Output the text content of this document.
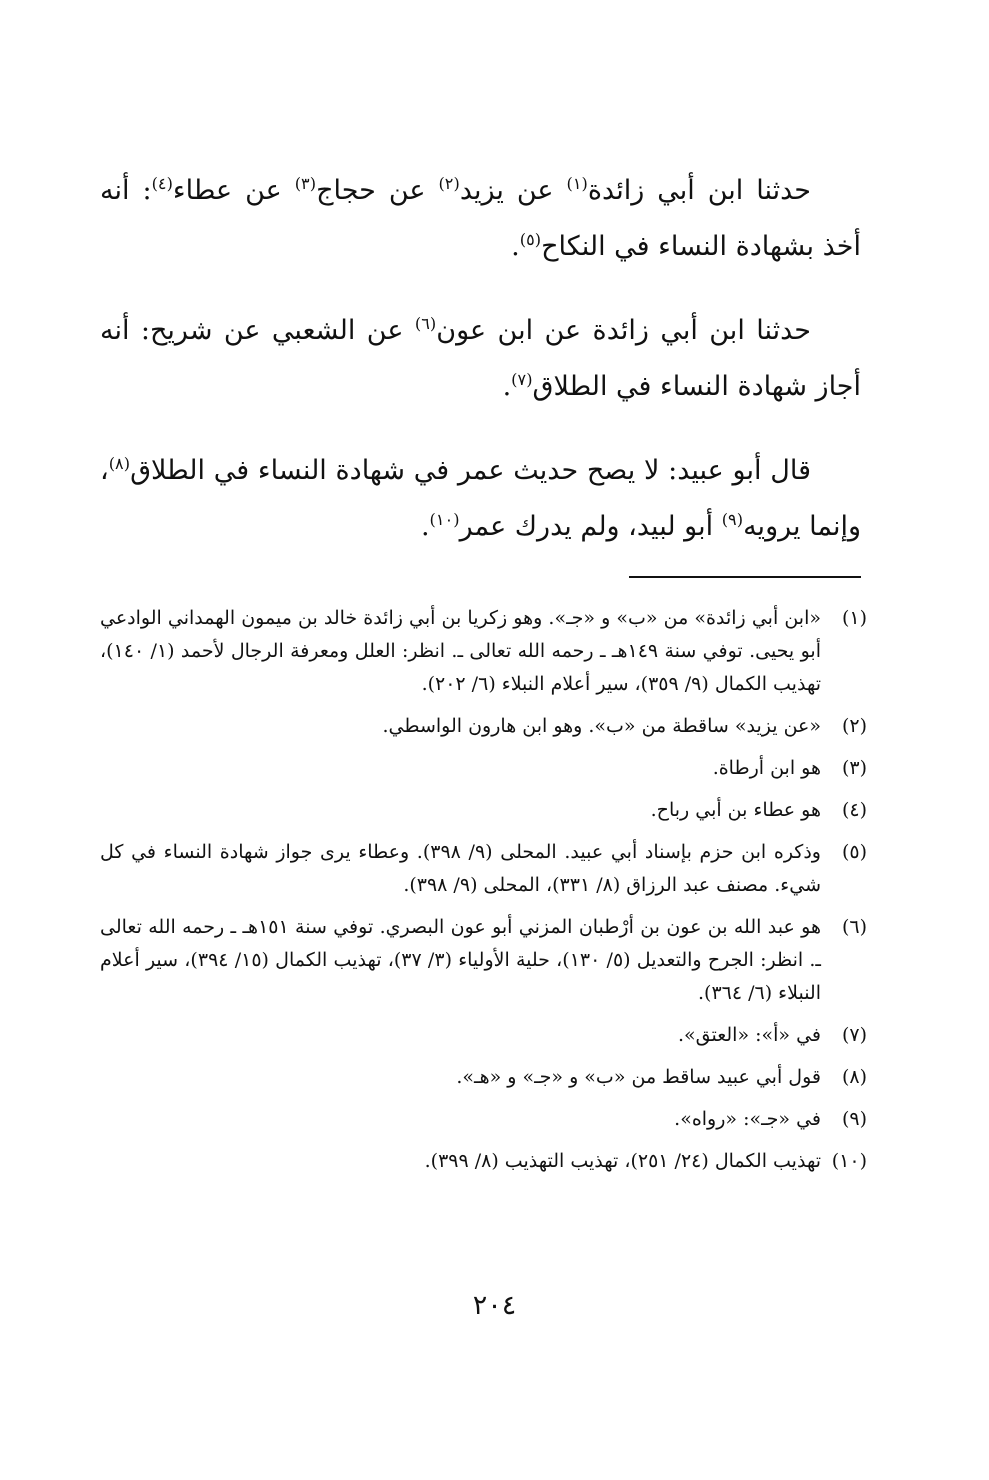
حدثنا ابن أبي زائدة$^{(١)}$ عن يزيد$^{(٢)}$ عن حجاج$^{(٣)}$ عن عطاء$^{(٤)}$: أنه أخذ بشهادة النساء في النكاح$^{(٥)}$.

حدثنا ابن أبي زائدة عن ابن عون$^{(٦)}$ عن الشعبي عن شريح: أنه أجاز شهادة النساء في الطلاق$^{(٧)}$.

قال أبو عبيد: لا يصح حديث عمر في شهادة النساء في الطلاق$^{(٨)}$، وإنما يرويه$^{(٩)}$ أبو لبيد، ولم يدرك عمر$^{(١٠)}$.

(١)
«ابن أبي زائدة» من «ب» و «جـ». وهو زكريا بن أبي زائدة خالد بن ميمون الهمداني الوادعي أبو يحيى. توفي سنة ١٤٩هـ ـ رحمه الله تعالى ـ. انظر: العلل ومعرفة الرجال لأحمد (١/ ١٤٠)، تهذيب الكمال (٩/ ٣٥٩)، سير أعلام النبلاء (٦/ ٢٠٢).
(٢)
«عن يزيد» ساقطة من «ب». وهو ابن هارون الواسطي.
(٣)
هو ابن أرطاة.
(٤)
هو عطاء بن أبي رباح.
(٥)
وذكره ابن حزم بإسناد أبي عبيد. المحلى (٩/ ٣٩٨). وعطاء يرى جواز شهادة النساء في كل شيء. مصنف عبد الرزاق (٨/ ٣٣١)، المحلى (٩/ ٣٩٨).
(٦)
هو عبد الله بن عون بن أرْطبان المزني أبو عون البصري. توفي سنة ١٥١هـ ـ رحمه الله تعالى ـ. انظر: الجرح والتعديل (٥/ ١٣٠)، حلية الأولياء (٣/ ٣٧)، تهذيب الكمال (١٥/ ٣٩٤)، سير أعلام النبلاء (٦/ ٣٦٤).
(٧)
في «أ»: «العتق».
(٨)
قول أبي عبيد ساقط من «ب» و «جـ» و «هـ».
(٩)
في «جـ»: «رواه».
(١٠)
تهذيب الكمال (٢٤/ ٢٥١)، تهذيب التهذيب (٨/ ٣٩٩).
٢٠٤
